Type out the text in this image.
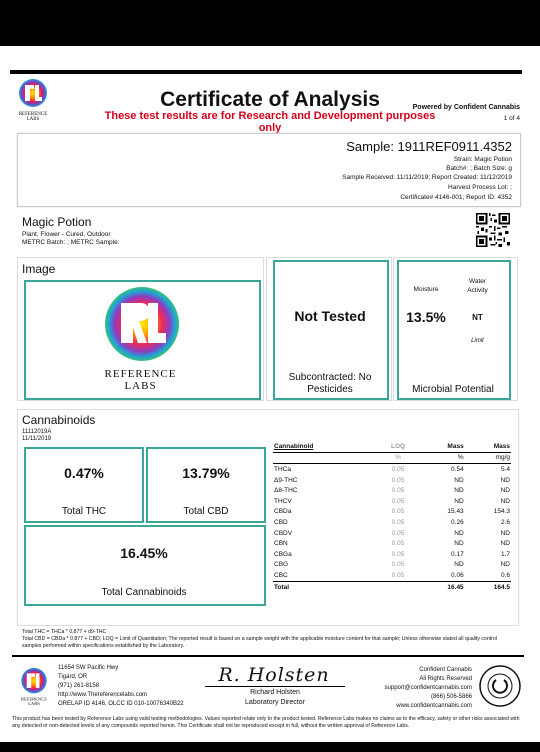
REFERENCE
LABS
Certificate of Analysis
These test results are for Research and Development purposes only
Powered by Confident Cannabis
1 of 4
Sample: 1911REF0911.4352
Strain: Magic Potion
Batch#: ; Batch Size: g
Sample Received: 11/11/2019; Report Created: 11/12/2019
Harvest Process Lot: ;
Certificate# 4146-001; Report ID: 4352
Magic Potion
Plant, Flower - Cured, Outdoor
METRC Batch: ; METRC Sample:
Image
REFERENCE
LABS
Not Tested
Subcontracted: No
Pesticides
Moisture
Water
Activity
13.5%	NT
Limit
Microbial Potential
Cannabinoids
11112019A
11/11/2019
0.47%
Total THC
13.79%
Total CBD
16.45%
Total Cannabinoids
Cannabinoid	LOQ	Mass	Mass
	%	%	mg/g
THCa	0.05	0.54	5.4
Δ9-THC	0.05	ND	ND
Δ8-THC	0.05	ND	ND
THCV	0.05	ND	ND
CBDa	0.05	15.43	154.3
CBD	0.05	0.26	2.6
CBDV	0.05	ND	ND
CBN	0.05	ND	ND
CBGa	0.05	0.17	1.7
CBG	0.05	ND	ND
CBC	0.05	0.06	0.6
Total		16.45	164.5
Total THC = THCa * 0.877 + d9-THC
Total CBD = CBDa * 0.877 + CBD; LOQ = Limit of Quantitation; The reported result is based on a sample weight with the applicable moisture content for that sample; Unless otherwise stated all quality control samples performed within specifications established by the Laboratory.
REFERENCE
LABS
11654 SW Pacific Hwy
Tigard, OR
(971) 261-8158
http://www.Thereferencelabs.com
ORELAP ID 4146, OLCC ID 010-10076340B22
R. Holsten
Richard Holsten
Laboratory Director
Confident Cannabis
All Rights Reserved
support@confidentcannabis.com
(866) 506-5866
www.confidentcannabis.com
This product has been tested by Reference Labs using valid testing methodologies. Values reported relate only to the product tested. Reference Labs makes no claims as to the efficacy, safety or other risks associated with any detected or non-detected levels of any compounds reported herein. This Certificate shall not be reproduced except in full, without the written approval of Reference Labs.
